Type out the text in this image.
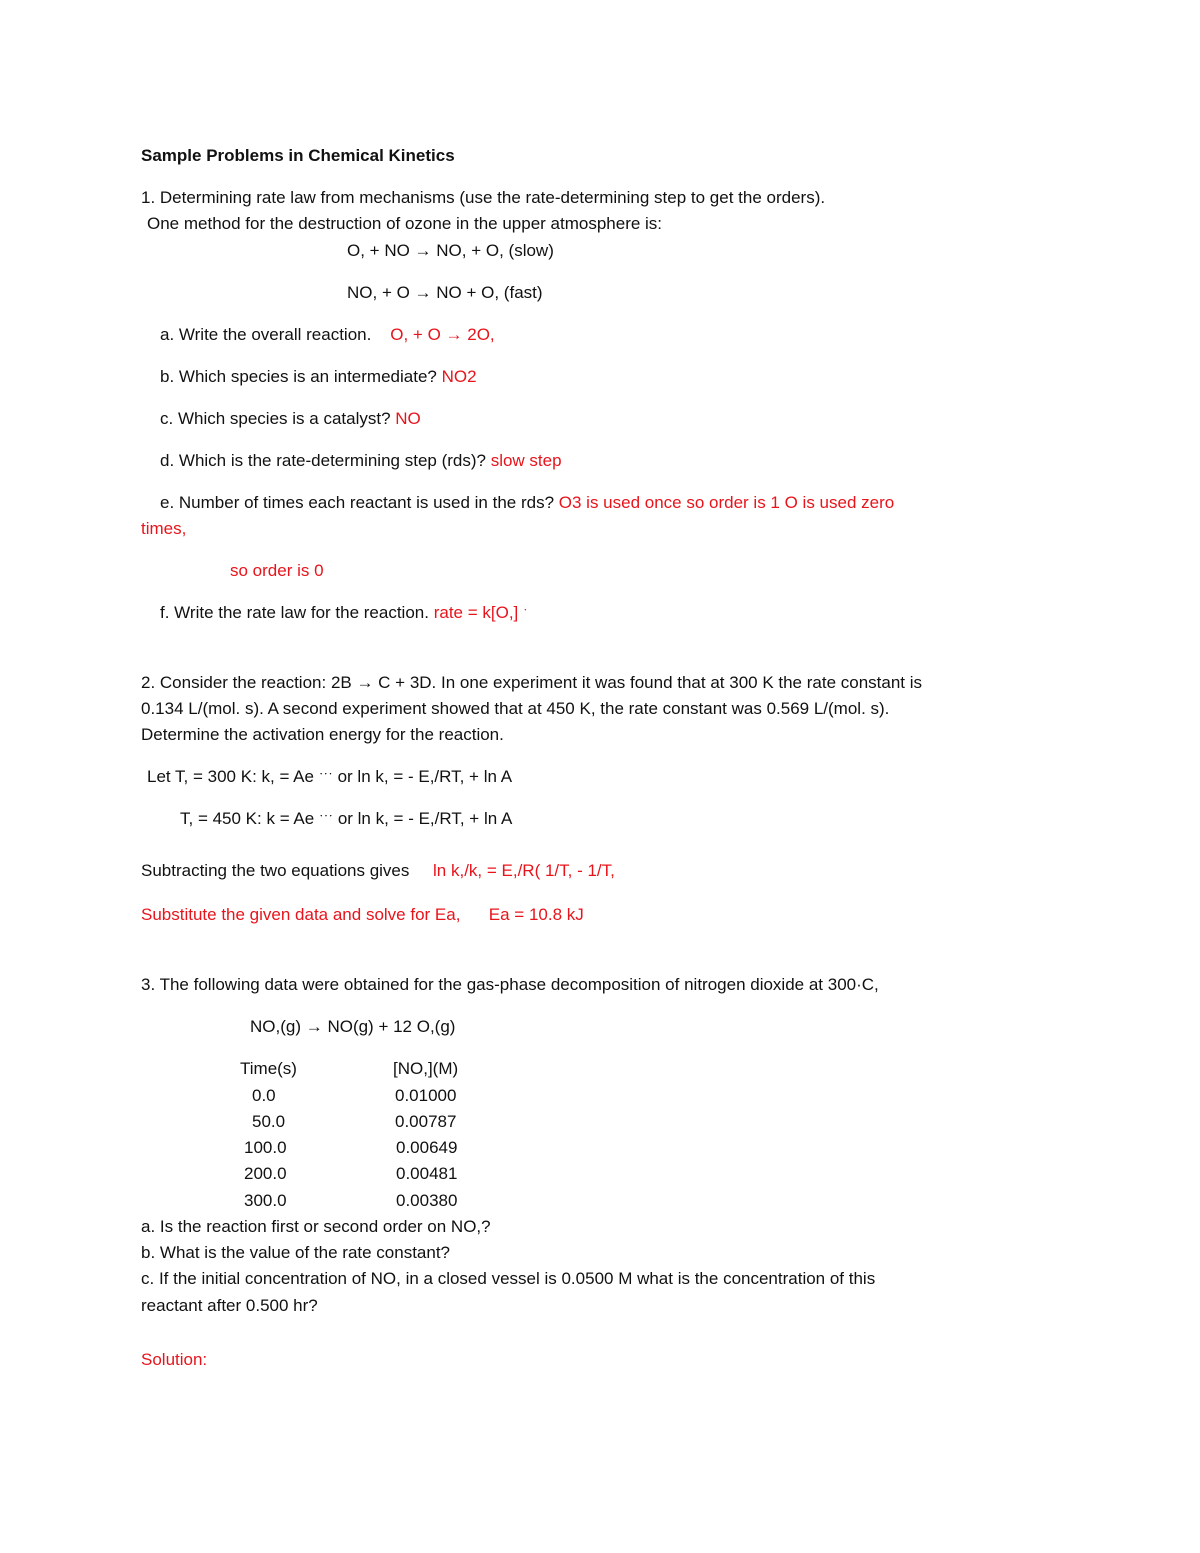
Sample Problems in Chemical Kinetics
1. Determining rate law from mechanisms (use the rate-determining step to get the orders).
One method for the destruction of ozone in the upper atmosphere is:
O, + NO → NO, + O, (slow)
NO, + O → NO + O, (fast)
a. Write the overall reaction. O, + O → 2O,
b. Which species is an intermediate? NO2
c. Which species is a catalyst? NO
d. Which is the rate-determining step (rds)? slow step
e. Number of times each reactant is used in the rds? O3 is used once so order is 1 O is used zero
times,
so order is 0
f. Write the rate law for the reaction. rate = k[O,] ˑ
2. Consider the reaction: 2B → C + 3D. In one experiment it was found that at 300 K the rate constant is
0.134 L/(mol. s). A second experiment showed that at 450 K, the rate constant was 0.569 L/(mol. s).
Determine the activation energy for the reaction.
Let T, = 300 K: k, = Ae ˑˑˑ or ln k, = - E,/RT, + ln A
T, = 450 K: k = Ae ˑˑˑ or ln k, = - E,/RT, + ln A
Subtracting the two equations gives ln k,/k, = E,/R( 1/T, - 1/T,
Substitute the given data and solve for Ea, Ea = 10.8 kJ
3. The following data were obtained for the gas-phase decomposition of nitrogen dioxide at 300·C,
NO,(g) → NO(g) + 12 O,(g)
Time(s)	[NO,](M)
0.0	0.01000
50.0	0.00787
100.0	0.00649
200.0	0.00481
300.0	0.00380
a. Is the reaction first or second order on NO,?
b. What is the value of the rate constant?
c. If the initial concentration of NO, in a closed vessel is 0.0500 M what is the concentration of this
reactant after 0.500 hr?
Solution:
